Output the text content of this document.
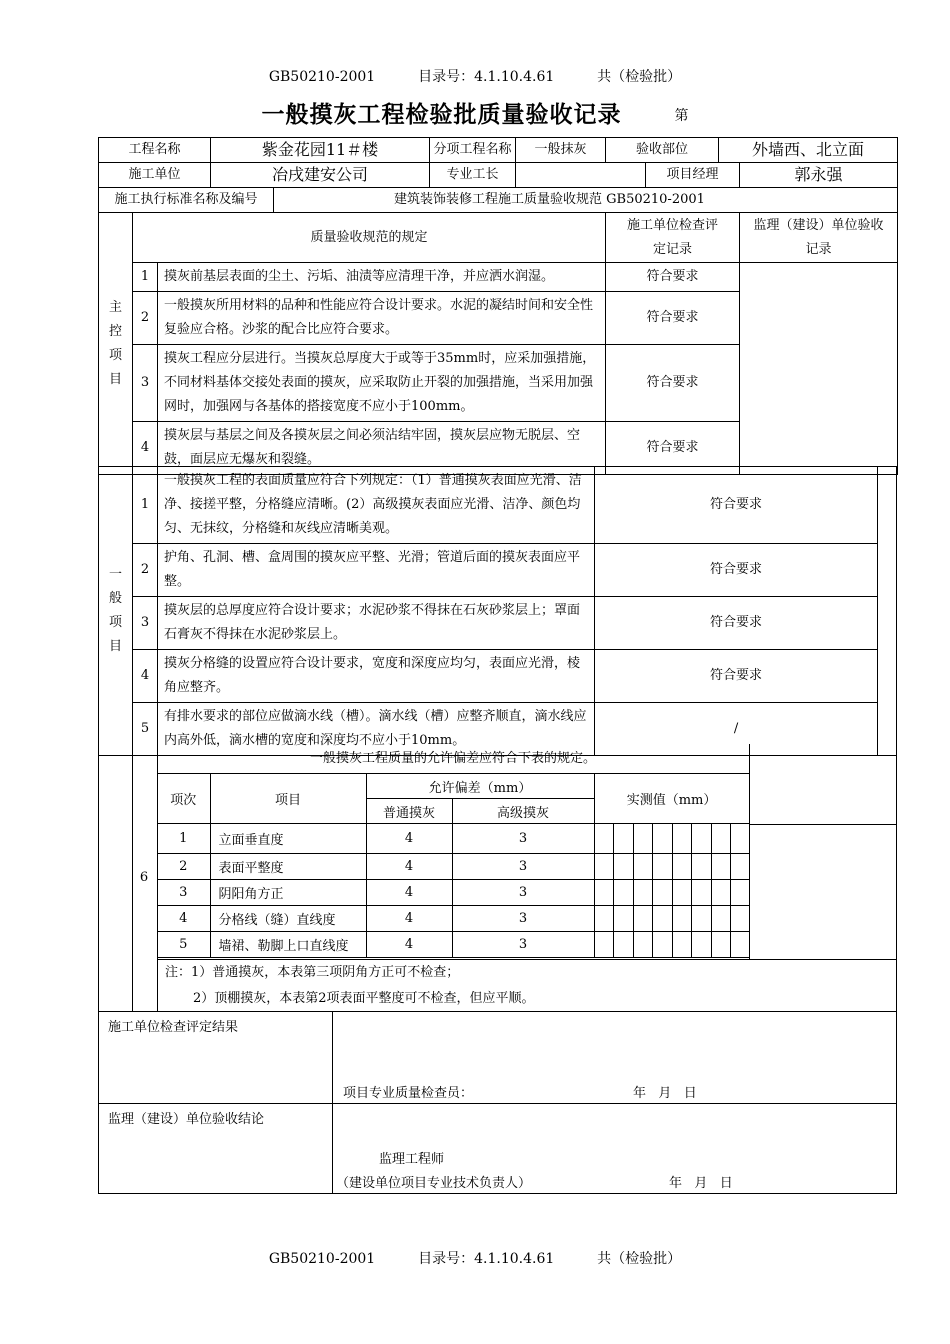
GB50210-2001	目录号：4.1.10.4.61	共（检验批）
一般摸灰工程检验批质量验收记录	第
工程名称			紫金花园11＃楼		分项工程名称	一般抹灰	验收部位		外墙西、北立面	
施工单位			冶戌建安公司		专业工长			项目经理		郭永强
施工执行标准名称及编号				建筑装饰装修工程施工质量验收规范 GB50210-2001						

主控项目	质量验收规范的规定						施工单位检查评定记录			监理（建设）单位验收记录
	1	摸灰前基层表面的尘土、污垢、油渍等应清理干净，并应洒水润湿。					符合要求			
	2	一般摸灰所用材料的品种和性能应符合设计要求。水泥的凝结时间和安全性复验应合格。沙浆的配合比应符合要求。					符合要求			
	3	摸灰工程应分层进行。当摸灰总厚度大于或等于35mm时，应采加强措施，不同材料基体交接处表面的摸灰，应采取防止开裂的加强措施，当采用加强网时，加强网与各基体的搭接宽度不应小于100mm。					符合要求			
	4	摸灰层与基层之间及各摸灰层之间必须沾结牢固，摸灰层应物无脱层、空鼓，面层应无爆灰和裂缝。					符合要求			
一般项目	1	一般摸灰工程的表面质量应符合下列规定：（1）普通摸灰表面应光滑、洁净、接搓平整，分格缝应清晰。(2）高级摸灰表面应光滑、洁净、颜色均匀、无抹纹，分格缝和灰线应清晰美观。	符合要求	
	2	护角、孔洞、槽、盒周围的摸灰应平整、光滑；管道后面的摸灰表面应平整。	符合要求	
	3	摸灰层的总厚度应符合设计要求；水泥砂浆不得抹在石灰砂浆层上；罩面石膏灰不得抹在水泥砂浆层上。	符合要求	
	4	摸灰分格缝的设置应符合设计要求，宽度和深度应均匀，表面应光滑，棱角应整齐。	符合要求	
	5	有排水要求的部位应做滴水线（槽）。滴水线（槽）应整齐顺直，滴水线应内高外低，滴水槽的宽度和深度均不应小于10mm。	/	
6
一般摸灰工程质量的允许偏差应符合下表的规定。
项次	项目	允许偏差（mm）		实测值（mm）							
		普通摸灰	高级摸灰								
1	立面垂直度	4	3								
2	表面平整度	4	3								
3	阴阳角方正	4	3								
4	分格线（缝）直线度	4	3								
5	墙裙、勒脚上口直线度	4	3								
注：1）普通摸灰，本表第三项阴角方正可不检查；
2）顶棚摸灰，本表第2项表面平整度可不检查，但应平顺。
施工单位检查评定结果
项目专业质量检查员：	年   月   日
监理（建设）单位验收结论
监理工程师
（建设单位项目专业技术负责人）	年   月   日
GB50210-2001	目录号：4.1.10.4.61	共（检验批）
